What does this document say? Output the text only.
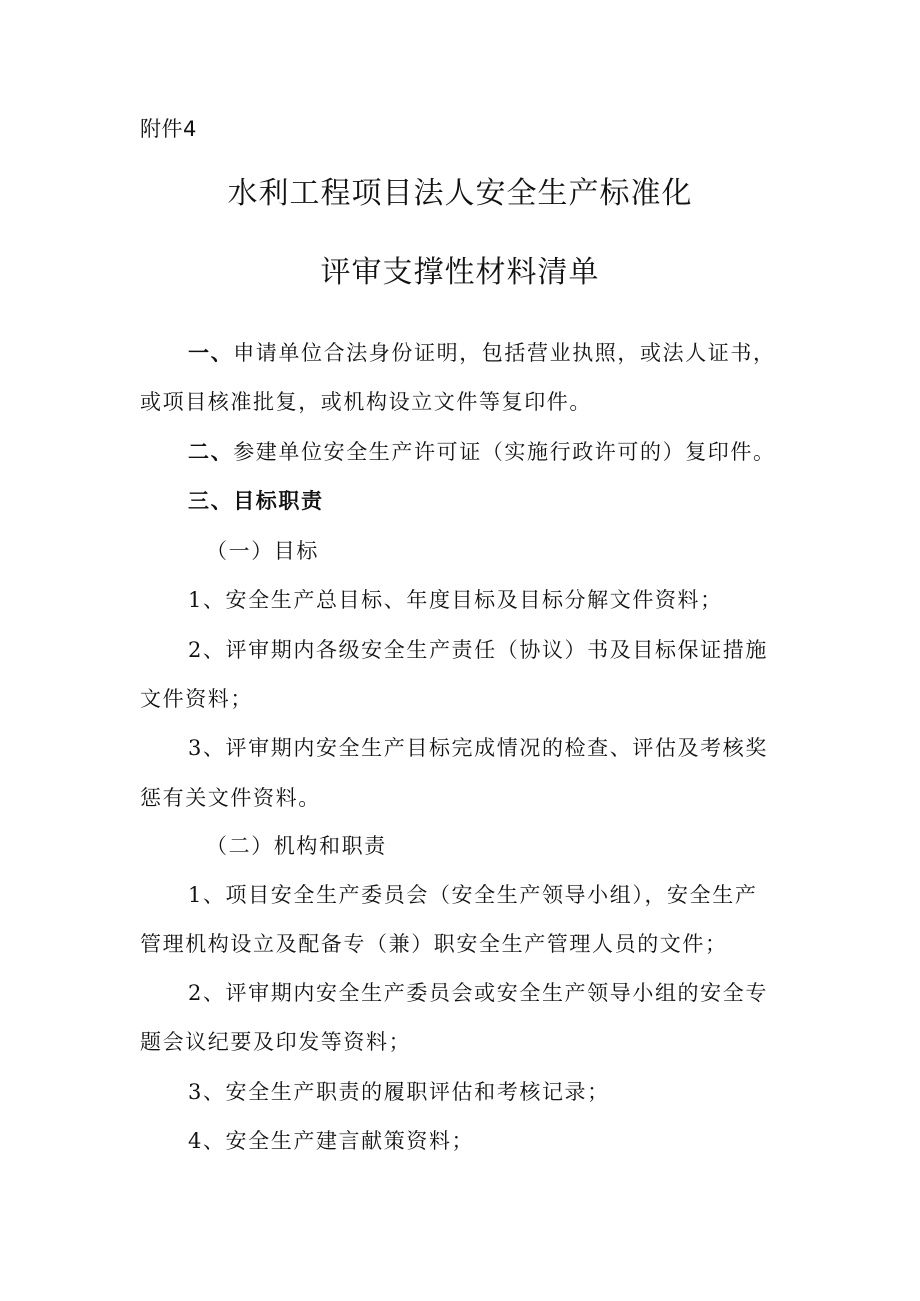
附件4
水利工程项目法人安全生产标准化
评审支撑性材料清单
一、申请单位合法身份证明，包括营业执照，或法人证书，
或项目核准批复，或机构设立文件等复印件。
二、参建单位安全生产许可证（实施行政许可的）复印件。
三、目标职责
（一）目标
1、安全生产总目标、年度目标及目标分解文件资料；
2、评审期内各级安全生产责任（协议）书及目标保证措施
文件资料；
3、评审期内安全生产目标完成情况的检查、评估及考核奖
惩有关文件资料。
（二）机构和职责
1、项目安全生产委员会（安全生产领导小组），安全生产
管理机构设立及配备专（兼）职安全生产管理人员的文件；
2、评审期内安全生产委员会或安全生产领导小组的安全专
题会议纪要及印发等资料；
3、安全生产职责的履职评估和考核记录；
4、安全生产建言献策资料；
